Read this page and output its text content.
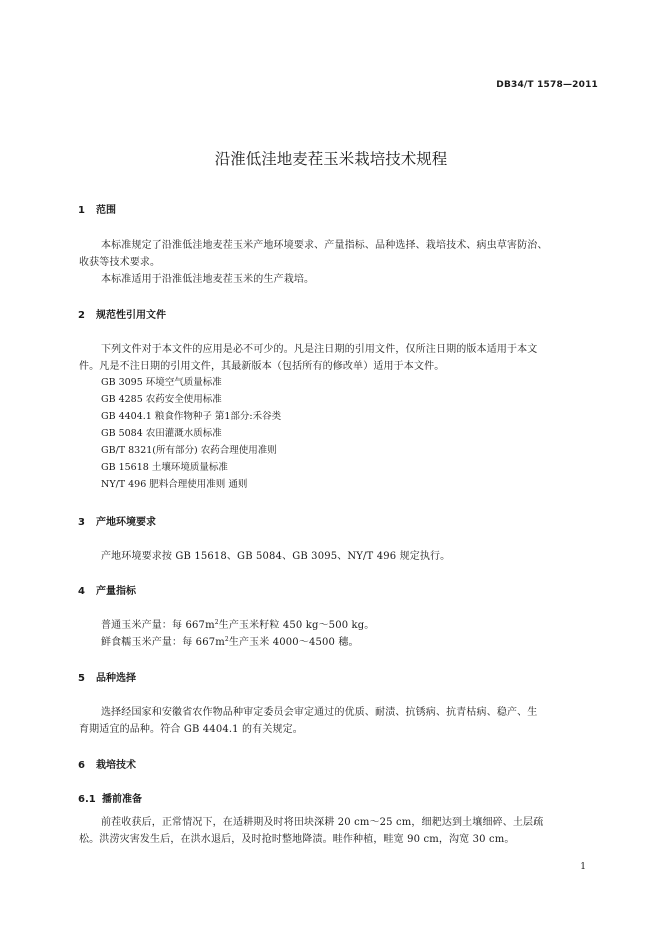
DB34/T 1578—2011
沿淮低洼地麦茬玉米栽培技术规程
1 范围
本标准规定了沿淮低洼地麦茬玉米产地环境要求、产量指标、品种选择、栽培技术、病虫草害防治、
收获等技术要求。
本标准适用于沿淮低洼地麦茬玉米的生产栽培。
2 规范性引用文件
下列文件对于本文件的应用是必不可少的。凡是注日期的引用文件，仅所注日期的版本适用于本文
件。凡是不注日期的引用文件，其最新版本（包括所有的修改单）适用于本文件。
GB 3095 环境空气质量标准
GB 4285 农药安全使用标准
GB 4404.1 粮食作物种子 第1部分:禾谷类
GB 5084 农田灌溉水质标准
GB/T 8321(所有部分) 农药合理使用准则
GB 15618 土壤环境质量标准
NY/T 496 肥料合理使用准则 通则
3 产地环境要求
产地环境要求按 GB 15618、GB 5084、GB 3095、NY/T 496 规定执行。
4 产量指标
普通玉米产量：每 $667m^2$生产玉米籽粒 450 kg～500 kg。
鲜食糯玉米产量：每 $667m^2$生产玉米 4000～4500 穗。
5 品种选择
选择经国家和安徽省农作物品种审定委员会审定通过的优质、耐渍、抗锈病、抗青枯病、稳产、生
育期适宜的品种。符合 GB 4404.1 的有关规定。
6 栽培技术
6.1 播前准备
前茬收获后，正常情况下，在适耕期及时将田块深耕 20 cm～25 cm，细耙达到土壤细碎、土层疏
松。洪涝灾害发生后，在洪水退后，及时抢时整地降渍。畦作种植，畦宽 90 cm，沟宽 30 cm。
1
